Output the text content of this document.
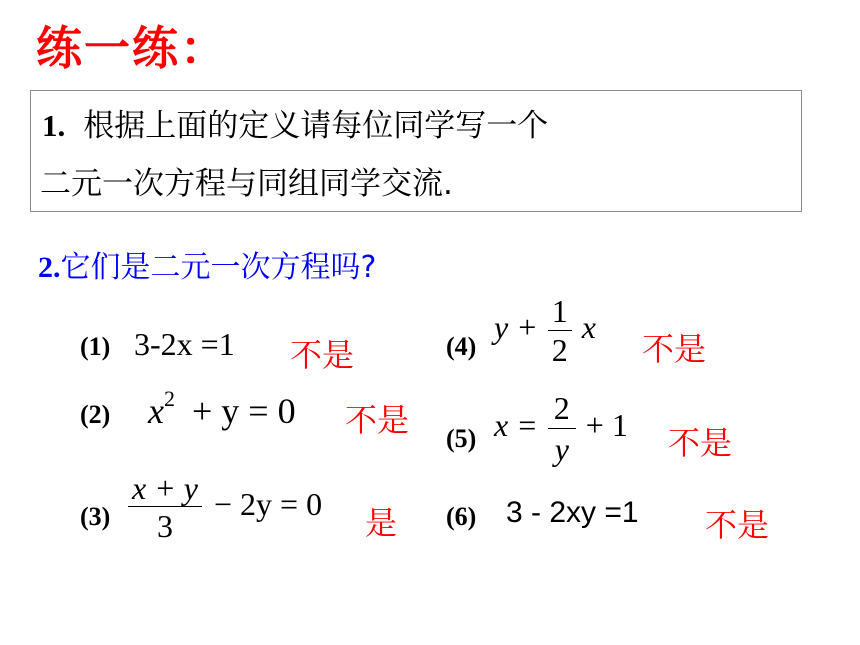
练一练：
1. 根据上面的定义请每位同学写一个
二元一次方程与同组同学交流.
2.它们是二元一次方程吗?
(1) 3-2x =1 不是
(2) $x^2 + y = 0$ 不是
$(3) \frac{x + y}{3} - 2y = 0$
是
(4)
$y + \frac{1}{2}$ x
不是
(5) $x = \frac{2}{y} + 1$ 不是
(6) 3 - 2xy =1 不是
